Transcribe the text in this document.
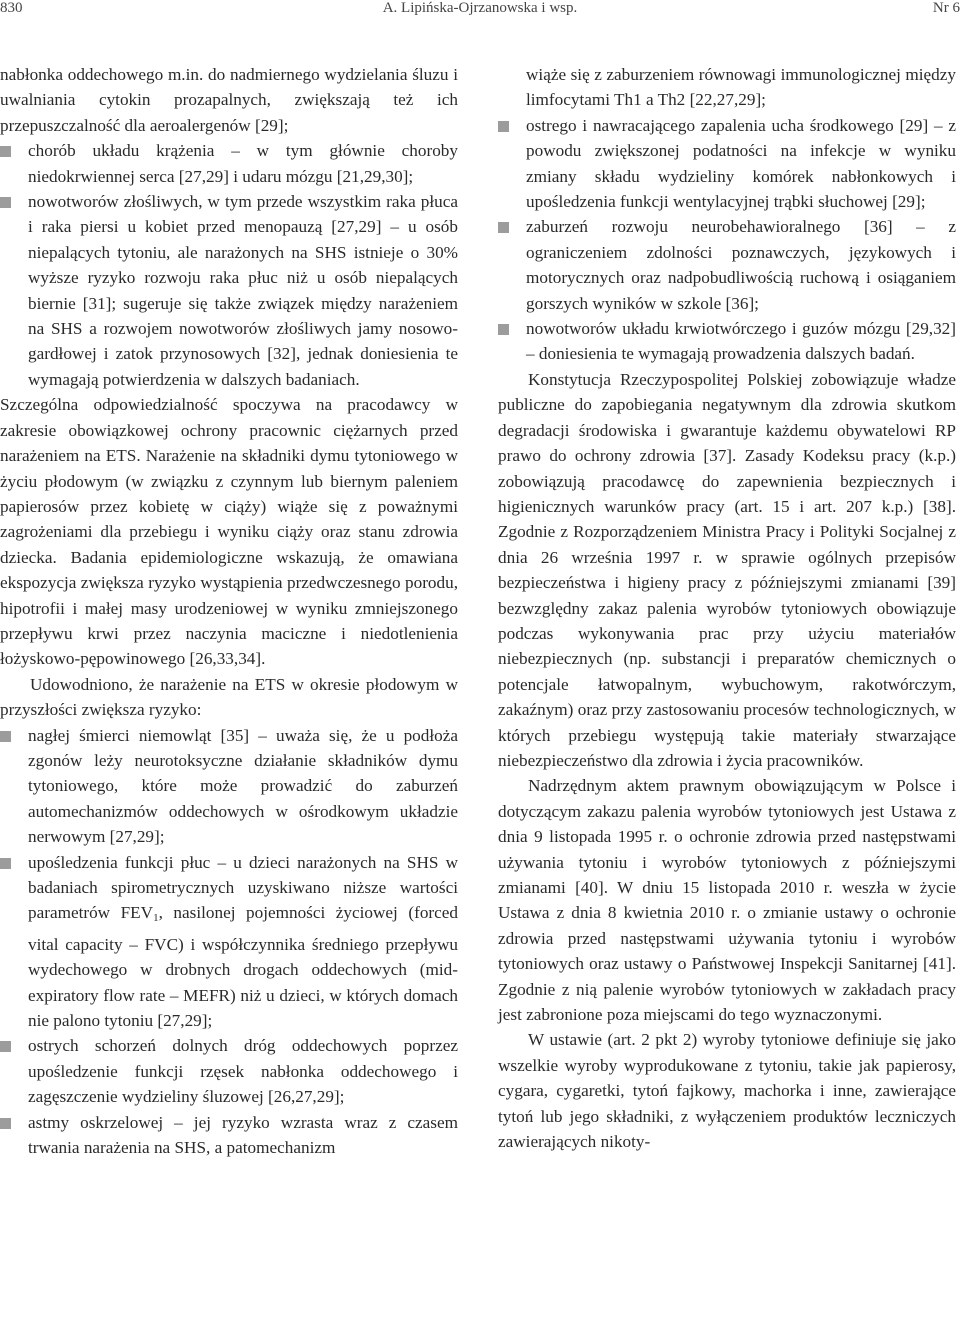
830	A. Lipińska-Ojrzanowska i wsp.	Nr 6

nabłonka oddechowego m.in. do nadmiernego wydzielania śluzu i uwalniania cytokin prozapalnych, zwiększają też ich przepuszczalność dla aeroalergenów [29];

chorób układu krążenia – w tym głównie choroby niedokrwiennej serca [27,29] i udaru mózgu [21,29,30];
nowotworów złośliwych, w tym przede wszystkim raka płuca i raka piersi u kobiet przed menopauzą [27,29] – u osób niepalących tytoniu, ale narażonych na SHS istnieje o 30% wyższe ryzyko rozwoju raka płuc niż u osób niepalących biernie [31]; sugeruje się także związek między narażeniem na SHS a rozwojem nowotworów złośliwych jamy nosowo-gardłowej i zatok przynosowych [32], jednak doniesienia te wymagają potwierdzenia w dalszych badaniach.

Szczególna odpowiedzialność spoczywa na pracodawcy w zakresie obowiązkowej ochrony pracownic ciężarnych przed narażeniem na ETS. Narażenie na składniki dymu tytoniowego w życiu płodowym (w związku z czynnym lub biernym paleniem papierosów przez kobietę w ciąży) wiąże się z poważnymi zagrożeniami dla przebiegu i wyniku ciąży oraz stanu zdrowia dziecka. Badania epidemiologiczne wskazują, że omawiana ekspozycja zwiększa ryzyko wystąpienia przedwczesnego porodu, hipotrofii i małej masy urodzeniowej w wyniku zmniejszonego przepływu krwi przez naczynia maciczne i niedotlenienia łożyskowo-pępowinowego [26,33,34].

Udowodniono, że narażenie na ETS w okresie płodowym w przyszłości zwiększa ryzyko:

nagłej śmierci niemowląt [35] – uważa się, że u podłoża zgonów leży neurotoksyczne działanie składników dymu tytoniowego, które może prowadzić do zaburzeń automechanizmów oddechowych w ośrodkowym układzie nerwowym [27,29];
upośledzenia funkcji płuc – u dzieci narażonych na SHS w badaniach spirometrycznych uzyskiwano niższe wartości parametrów $FEV_1$, nasilonej pojemności życiowej (forced vital capacity – FVC) i współczynnika średniego przepływu wydechowego w drobnych drogach oddechowych (mid-expiratory flow rate – MEFR) niż u dzieci, w których domach nie palono tytoniu [27,29];
ostrych schorzeń dolnych dróg oddechowych poprzez upośledzenie funkcji rzęsek nabłonka oddechowego i zagęszczenie wydzieliny śluzowej [26,27,29];
astmy oskrzelowej – jej ryzyko wzrasta wraz z czasem trwania narażenia na SHS, a patomechanizm

wiąże się z zaburzeniem równowagi immunologicznej między limfocytami Th1 a Th2 [22,27,29];

ostrego i nawracającego zapalenia ucha środkowego [29] – z powodu zwiększonej podatności na infekcje w wyniku zmiany składu wydzieliny komórek nabłonkowych i upośledzenia funkcji wentylacyjnej trąbki słuchowej [29];
zaburzeń rozwoju neurobehawioralnego [36] – z ograniczeniem zdolności poznawczych, językowych i motorycznych oraz nadpobudliwością ruchową i osiąganiem gorszych wyników w szkole [36];
nowotworów układu krwiotwórczego i guzów mózgu [29,32] – doniesienia te wymagają prowadzenia dalszych badań.

Konstytucja Rzeczypospolitej Polskiej zobowiązuje władze publiczne do zapobiegania negatywnym dla zdrowia skutkom degradacji środowiska i gwarantuje każdemu obywatelowi RP prawo do ochrony zdrowia [37]. Zasady Kodeksu pracy (k.p.) zobowiązują pracodawcę do zapewnienia bezpiecznych i higienicznych warunków pracy (art. 15 i art. 207 k.p.) [38]. Zgodnie z Rozporządzeniem Ministra Pracy i Polityki Socjalnej z dnia 26 września 1997 r. w sprawie ogólnych przepisów bezpieczeństwa i higieny pracy z późniejszymi zmianami [39] bezwzględny zakaz palenia wyrobów tytoniowych obowiązuje podczas wykonywania prac przy użyciu materiałów niebezpiecznych (np. substancji i preparatów chemicznych o potencjale łatwopalnym, wybuchowym, rakotwórczym, zakaźnym) oraz przy zastosowaniu procesów technologicznych, w których przebiegu występują takie materiały stwarzające niebezpieczeństwo dla zdrowia i życia pracowników.

Nadrzędnym aktem prawnym obowiązującym w Polsce i dotyczącym zakazu palenia wyrobów tytoniowych jest Ustawa z dnia 9 listopada 1995 r. o ochronie zdrowia przed następstwami używania tytoniu i wyrobów tytoniowych z późniejszymi zmianami [40]. W dniu 15 listopada 2010 r. weszła w życie Ustawa z dnia 8 kwietnia 2010 r. o zmianie ustawy o ochronie zdrowia przed następstwami używania tytoniu i wyrobów tytoniowych oraz ustawy o Państwowej Inspekcji Sanitarnej [41]. Zgodnie z nią palenie wyrobów tytoniowych w zakładach pracy jest zabronione poza miejscami do tego wyznaczonymi.

W ustawie (art. 2 pkt 2) wyroby tytoniowe definiuje się jako wszelkie wyroby wyprodukowane z tytoniu, takie jak papierosy, cygara, cygaretki, tytoń fajkowy, machorka i inne, zawierające tytoń lub jego składniki, z wyłączeniem produktów leczniczych zawierających nikoty-
